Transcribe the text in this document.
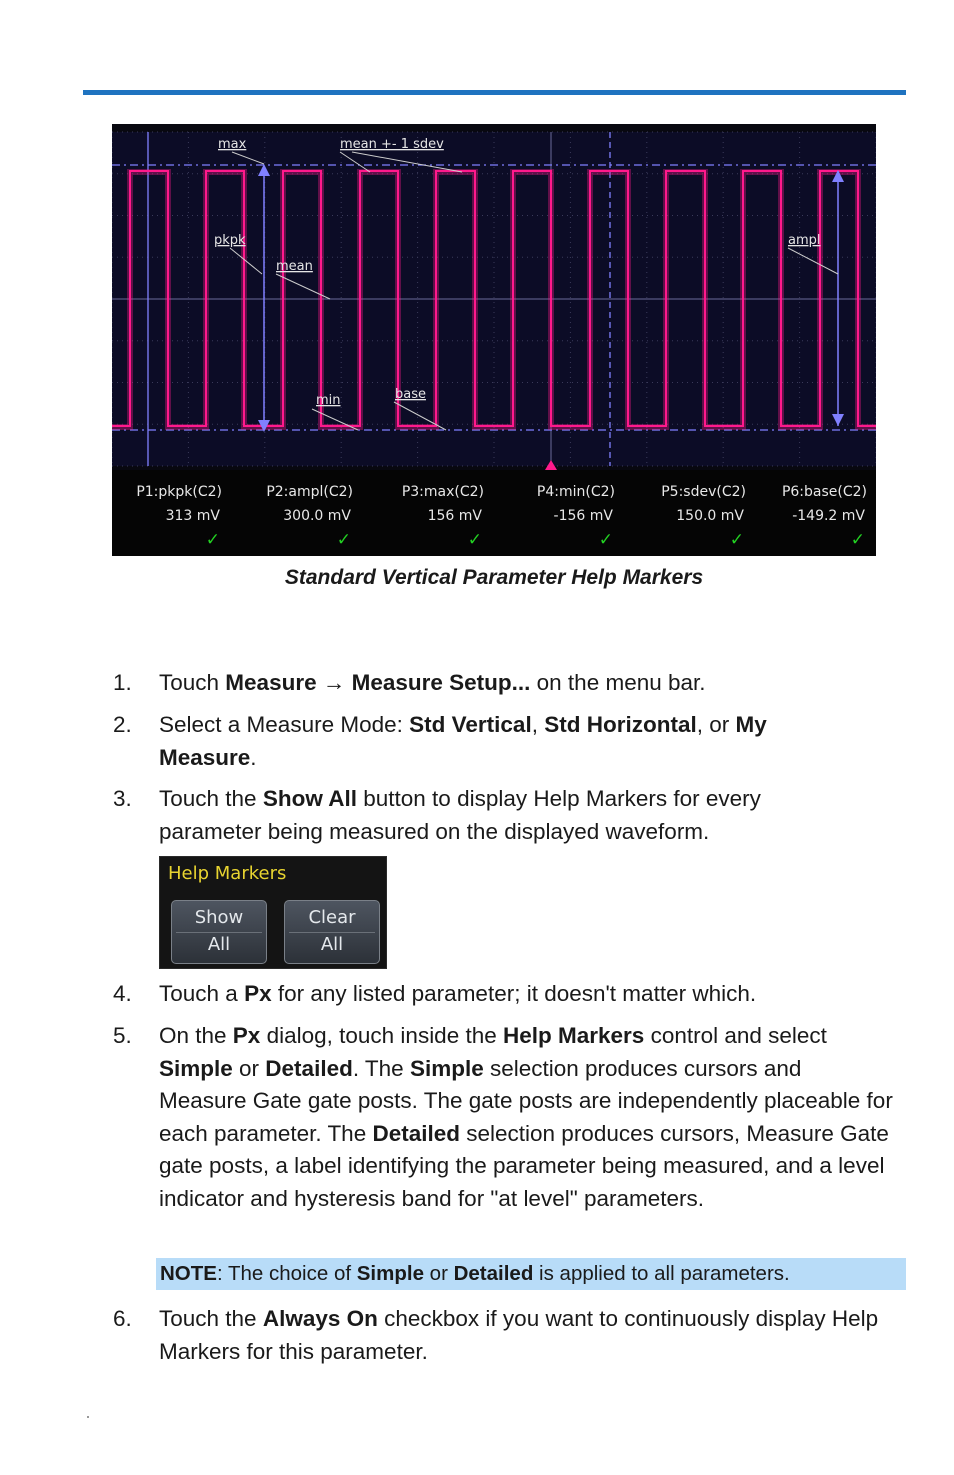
max	mean +- 1 sdev
pkpk
mean
ampl
min	base
P1:pkpk(C2)
313 mV
✓
P2:ampl(C2)
300.0 mV
✓
P3:max(C2)
156 mV
✓
P4:min(C2)
-156 mV
✓
P5:sdev(C2)
150.0 mV
✓
P6:base(C2)
-149.2 mV
✓
Standard Vertical Parameter Help Markers
1. Touch Measure → Measure Setup... on the menu bar.
2. Select a Measure Mode: Std Vertical, Std Horizontal, or My Measure.
3. Touch the Show All button to display Help Markers for every parameter being measured on the displayed waveform.
Help Markers
Show
All
Clear
All
4. Touch a Px for any listed parameter; it doesn't matter which.
5. On the Px dialog, touch inside the Help Markers control and select Simple or Detailed. The Simple selection produces cursors and Measure Gate gate posts. The gate posts are independently placeable for each parameter. The Detailed selection produces cursors, Measure Gate gate posts, a label identifying the parameter being measured, and a level indicator and hysteresis band for "at level" parameters.
NOTE: The choice of Simple or Detailed is applied to all parameters.
6. Touch the Always On checkbox if you want to continuously display Help Markers for this parameter.
